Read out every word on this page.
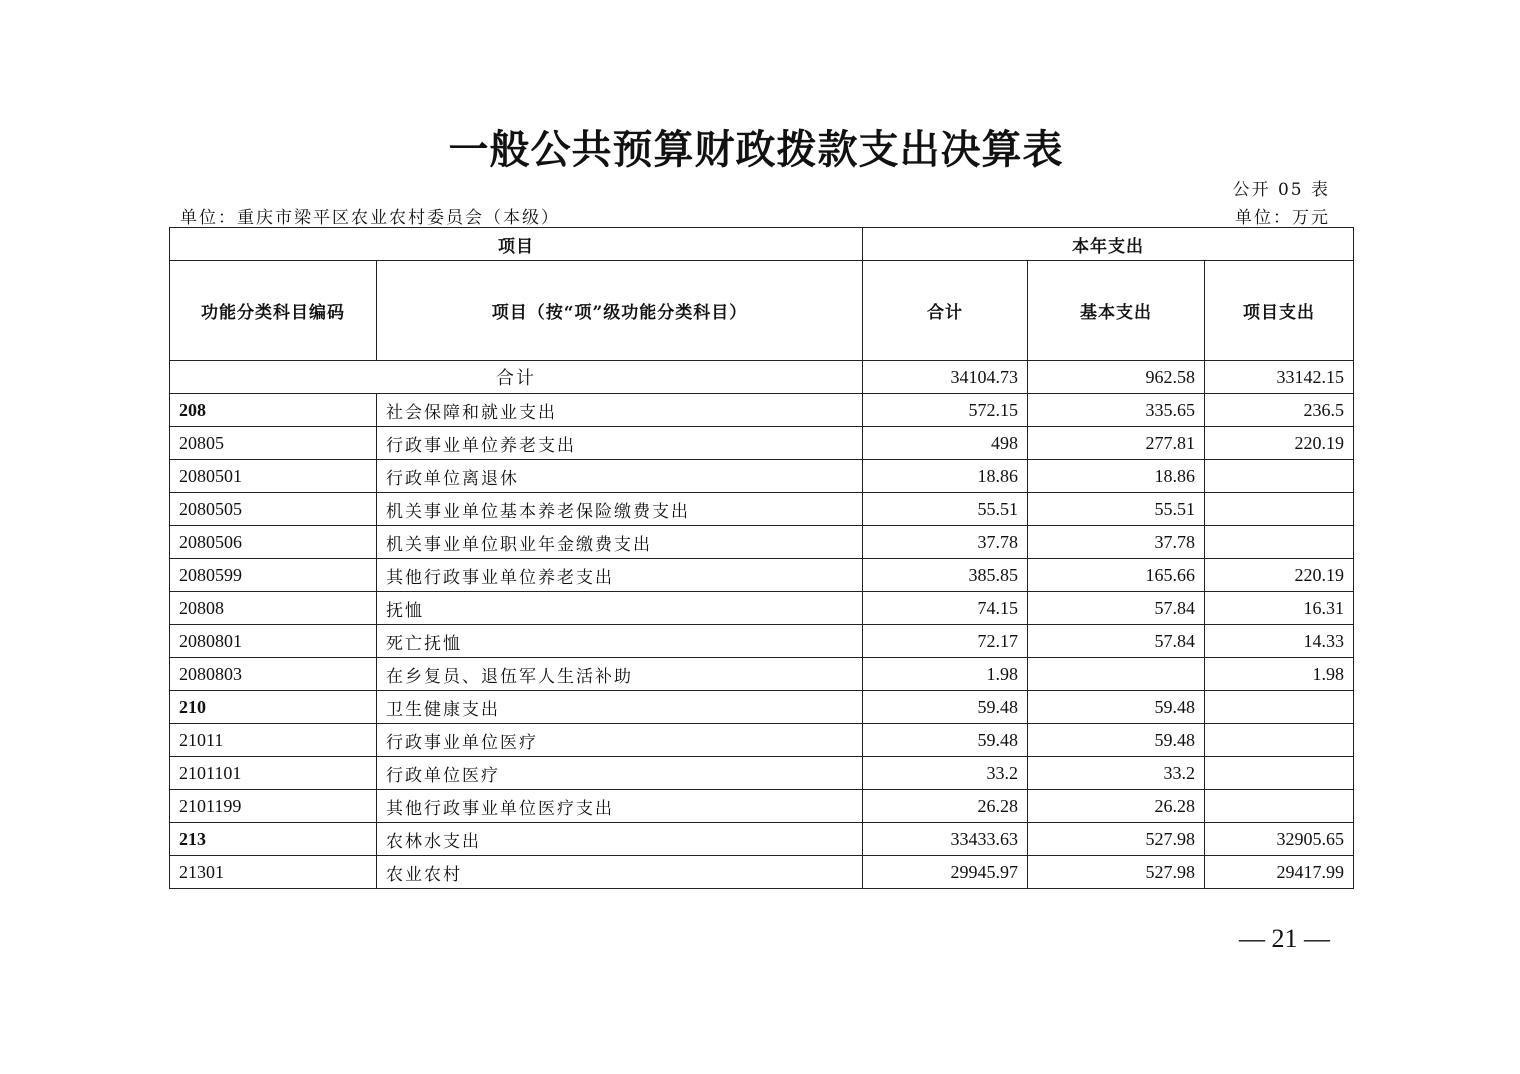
一般公共预算财政拨款支出决算表
公开 05 表
单位：重庆市梁平区农业农村委员会（本级）	单位：万元
项目		本年支出		
功能分类科目编码	项目（按“项”级功能分类科目）	合计	基本支出	项目支出
合计		34104.73	962.58	33142.15
208	社会保障和就业支出	572.15	335.65	236.5
20805	行政事业单位养老支出	498	277.81	220.19
2080501	行政单位离退休	18.86	18.86	
2080505	机关事业单位基本养老保险缴费支出	55.51	55.51	
2080506	机关事业单位职业年金缴费支出	37.78	37.78	
2080599	其他行政事业单位养老支出	385.85	165.66	220.19
20808	抚恤	74.15	57.84	16.31
2080801	死亡抚恤	72.17	57.84	14.33
2080803	在乡复员、退伍军人生活补助	1.98		1.98
210	卫生健康支出	59.48	59.48	
21011	行政事业单位医疗	59.48	59.48	
2101101	行政单位医疗	33.2	33.2	
2101199	其他行政事业单位医疗支出	26.28	26.28	
213	农林水支出	33433.63	527.98	32905.65
21301	农业农村	29945.97	527.98	29417.99
— 21 —
